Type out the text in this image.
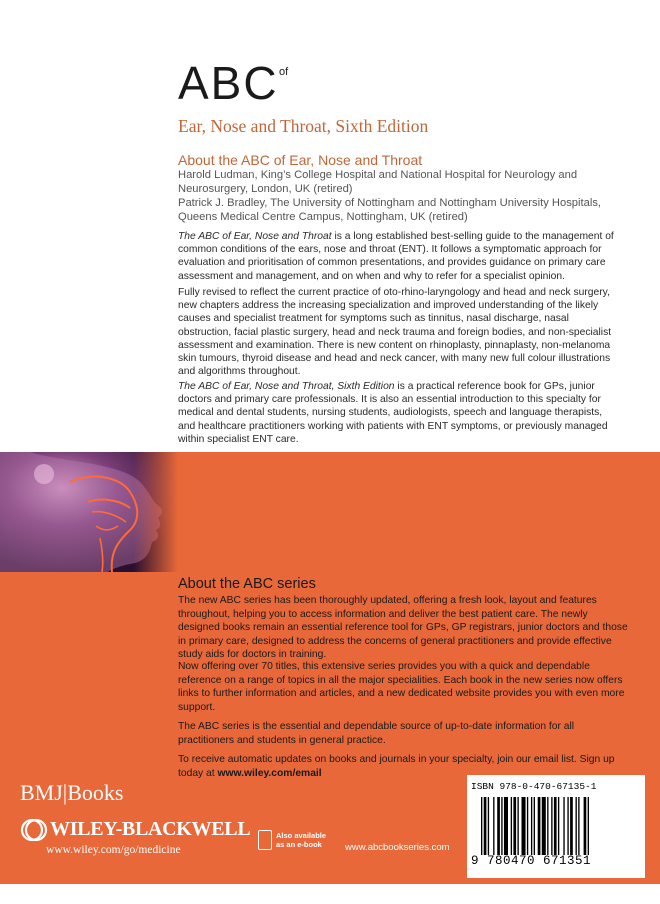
ABC of
Ear, Nose and Throat, Sixth Edition
About the ABC of Ear, Nose and Throat
Harold Ludman, King’s College Hospital and National Hospital for Neurology and Neurosurgery, London, UK (retired)
Patrick J. Bradley, The University of Nottingham and Nottingham University Hospitals, Queens Medical Centre Campus, Nottingham, UK (retired)
The ABC of Ear, Nose and Throat is a long established best-selling guide to the management of common conditions of the ears, nose and throat (ENT). It follows a symptomatic approach for evaluation and prioritisation of common presentations, and provides guidance on primary care assessment and management, and on when and why to refer for a specialist opinion.
Fully revised to reflect the current practice of oto-rhino-laryngology and head and neck surgery, new chapters address the increasing specialization and improved understanding of the likely causes and specialist treatment for symptoms such as tinnitus, nasal discharge, nasal obstruction, facial plastic surgery, head and neck trauma and foreign bodies, and non-specialist assessment and examination. There is new content on rhinoplasty, pinnaplasty, non-melanoma skin tumours, thyroid disease and head and neck cancer, with many new full colour illustrations and algorithms throughout.
The ABC of Ear, Nose and Throat, Sixth Edition is a practical reference book for GPs, junior doctors and primary care professionals. It is also an essential introduction to this specialty for medical and dental students, nursing students, audiologists, speech and language therapists, and healthcare practitioners working with patients with ENT symptoms, or previously managed within specialist ENT care.
About the ABC series
The new ABC series has been thoroughly updated, offering a fresh look, layout and features throughout, helping you to access information and deliver the best patient care. The newly designed books remain an essential reference tool for GPs, GP registrars, junior doctors and those in primary care, designed to address the concerns of general practitioners and provide effective study aids for doctors in training.
Now offering over 70 titles, this extensive series provides you with a quick and dependable reference on a range of topics in all the major specialities. Each book in the new series now offers links to further information and articles, and a new dedicated website provides you with even more support.
The ABC series is the essential and dependable source of up-to-date information for all practitioners and students in general practice.
To receive automatic updates on books and journals in your specialty, join our email list. Sign up today at www.wiley.com/email
BMJ|Books
WILEY-BLACKWELL
www.wiley.com/go/medicine
Also available
as an e-book	www.abcbookseries.com
ISBN 978-0-470-67135-1
9 780470 671351
